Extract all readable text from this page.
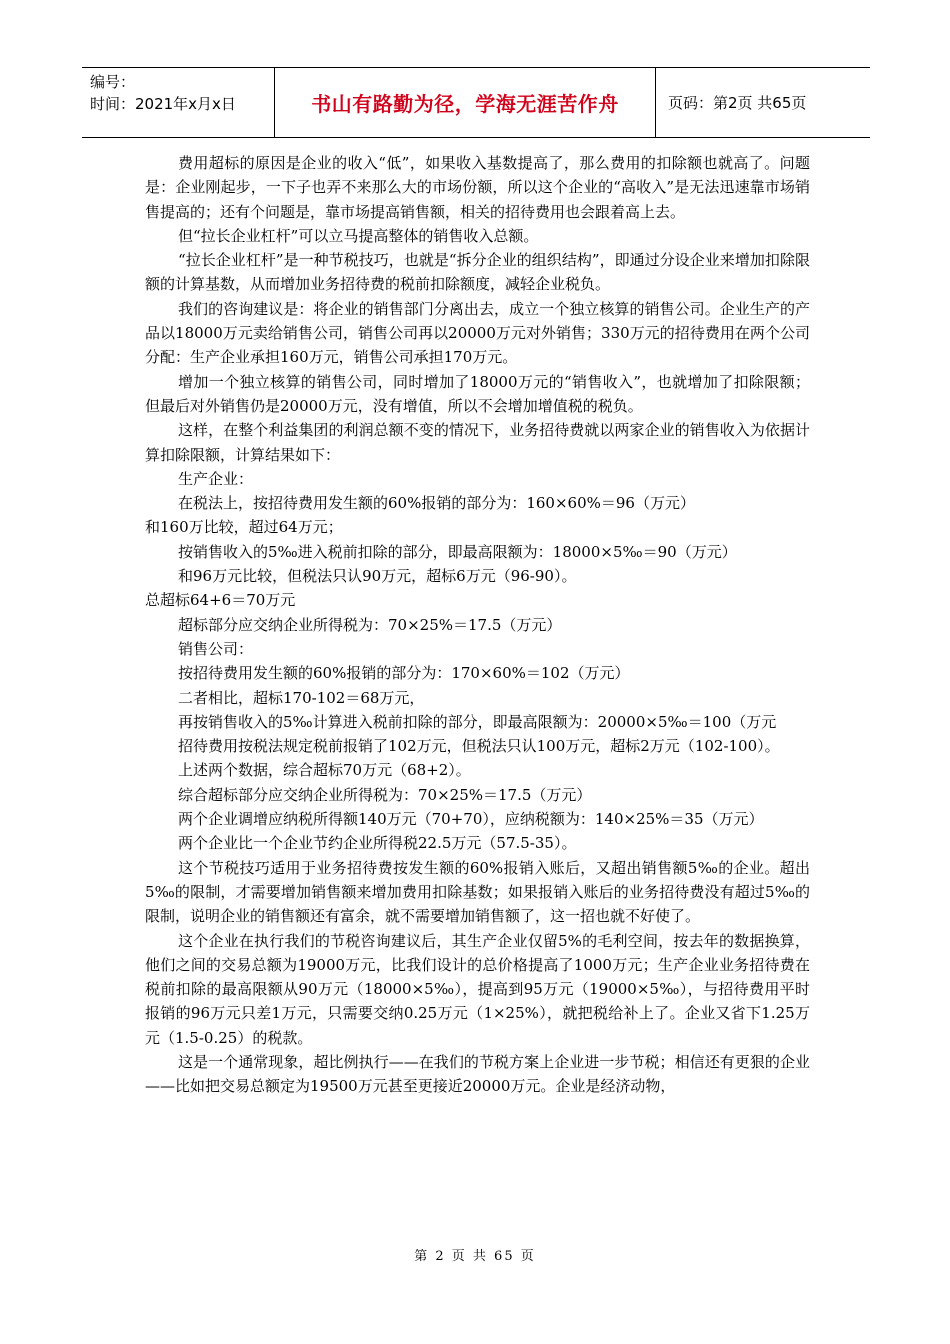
编号：
时间：2021年x月x日	书山有路勤为径，学海无涯苦作舟	页码：第2页 共65页

费用超标的原因是企业的收入“低”，如果收入基数提高了，那么费用的扣除额也就高了。问题是：企业刚起步，一下子也弄不来那么大的市场份额，所以这个企业的“高收入”是无法迅速靠市场销售提高的；还有个问题是，靠市场提高销售额，相关的招待费用也会跟着高上去。

但“拉长企业杠杆”可以立马提高整体的销售收入总额。

“拉长企业杠杆”是一种节税技巧，也就是“拆分企业的组织结构”，即通过分设企业来增加扣除限额的计算基数，从而增加业务招待费的税前扣除额度，减轻企业税负。

我们的咨询建议是：将企业的销售部门分离出去，成立一个独立核算的销售公司。企业生产的产品以18000万元卖给销售公司，销售公司再以20000万元对外销售；330万元的招待费用在两个公司分配：生产企业承担160万元，销售公司承担170万元。

增加一个独立核算的销售公司，同时增加了18000万元的“销售收入”，也就增加了扣除限额；但最后对外销售仍是20000万元，没有增值，所以不会增加增值税的税负。

这样，在整个利益集团的利润总额不变的情况下，业务招待费就以两家企业的销售收入为依据计算扣除限额，计算结果如下：

生产企业：

在税法上，按招待费用发生额的60%报销的部分为：160×60%＝96（万元）

和160万比较，超过64万元；

按销售收入的5‰进入税前扣除的部分，即最高限额为：18000×5‰＝90（万元）

和96万元比较，但税法只认90万元，超标6万元（96-90）。

总超标64+6＝70万元

超标部分应交纳企业所得税为：70×25%＝17.5（万元）

销售公司：

按招待费用发生额的60%报销的部分为：170×60%＝102（万元）

二者相比，超标170-102＝68万元，

再按销售收入的5‰计算进入税前扣除的部分，即最高限额为：20000×5‰＝100（万元

招待费用按税法规定税前报销了102万元，但税法只认100万元，超标2万元（102-100）。

上述两个数据，综合超标70万元（68+2）。

综合超标部分应交纳企业所得税为：70×25%＝17.5（万元）

两个企业调增应纳税所得额140万元（70+70），应纳税额为：140×25%＝35（万元）

两个企业比一个企业节约企业所得税22.5万元（57.5-35）。

这个节税技巧适用于业务招待费按发生额的60%报销入账后，又超出销售额5‰的企业。超出5‰的限制，才需要增加销售额来增加费用扣除基数；如果报销入账后的业务招待费没有超过5‰的限制，说明企业的销售额还有富余，就不需要增加销售额了，这一招也就不好使了。

这个企业在执行我们的节税咨询建议后，其生产企业仅留5%的毛利空间，按去年的数据换算，他们之间的交易总额为19000万元，比我们设计的总价格提高了1000万元；生产企业业务招待费在税前扣除的最高限额从90万元（18000×5‰），提高到95万元（19000×5‰），与招待费用平时报销的96万元只差1万元，只需要交纳0.25万元（1×25%），就把税给补上了。企业又省下1.25万元（1.5-0.25）的税款。

这是一个通常现象，超比例执行——在我们的节税方案上企业进一步节税；相信还有更狠的企业——比如把交易总额定为19500万元甚至更接近20000万元。企业是经济动物，

第 2 页 共 65 页
